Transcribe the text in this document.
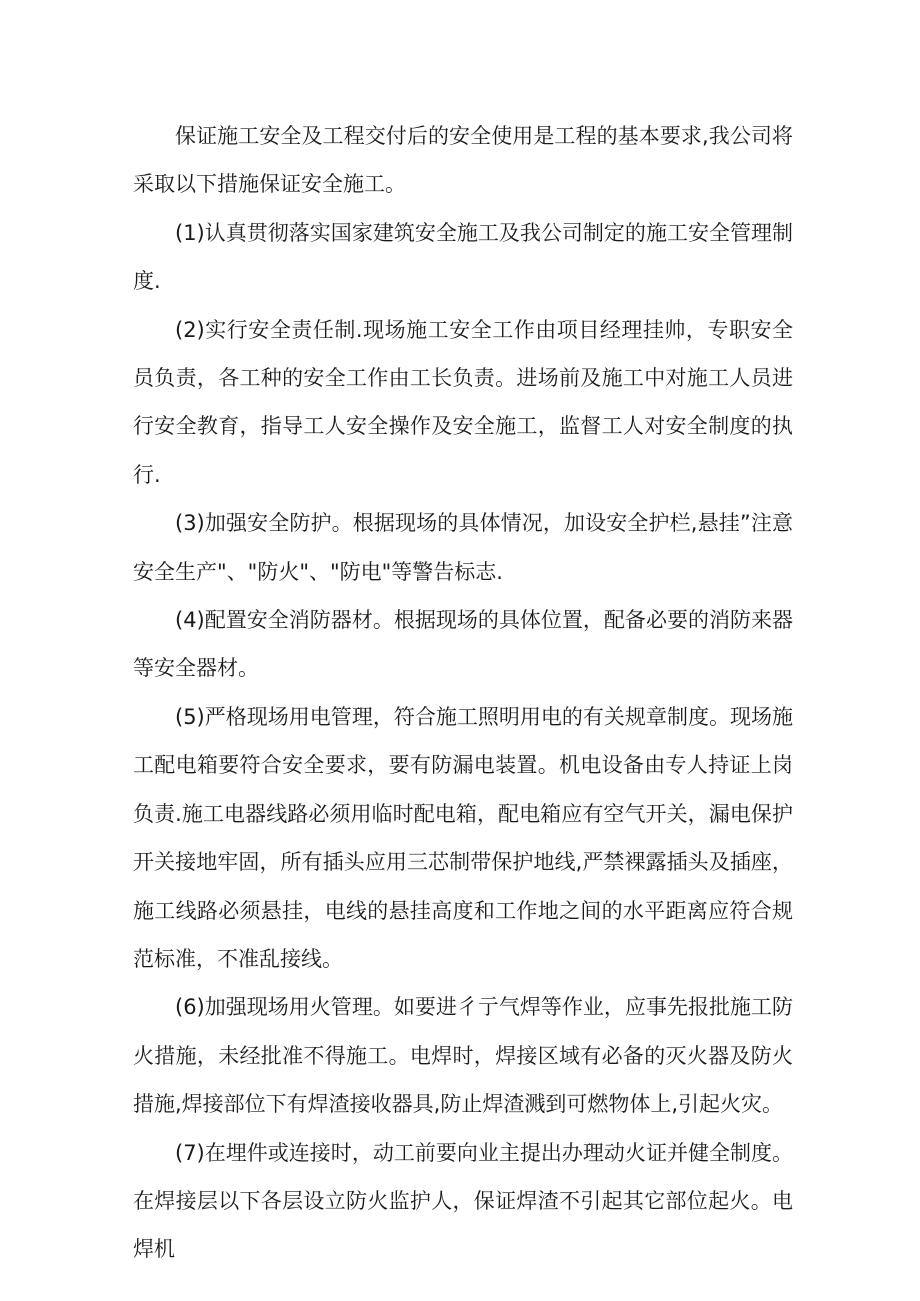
保证施工安全及工程交付后的安全使用是工程的基本要求,我公司将采取以下措施保证安全施工。

(1)认真贯彻落实国家建筑安全施工及我公司制定的施工安全管理制度.

(2)实行安全责任制.现场施工安全工作由项目经理挂帅，专职安全员负责，各工种的安全工作由工长负责。进场前及施工中对施工人员进行安全教育，指导工人安全操作及安全施工，监督工人对安全制度的执行.

(3)加强安全防护。根据现场的具体情况，加设安全护栏,悬挂”注意安全生产"、"防火"、"防电"等警告标志.

(4)配置安全消防器材。根据现场的具体位置，配备必要的消防来器等安全器材。

(5)严格现场用电管理，符合施工照明用电的有关规章制度。现场施工配电箱要符合安全要求，要有防漏电装置。机电设备由专人持证上岗负责.施工电器线路必须用临时配电箱，配电箱应有空气开关，漏电保护开关接地牢固，所有插头应用三芯制带保护地线,严禁裸露插头及插座，施工线路必须悬挂，电线的悬挂高度和工作地之间的水平距离应符合规范标准，不准乱接线。

(6)加强现场用火管理。如要进彳亍气焊等作业，应事先报批施工防火措施，未经批准不得施工。电焊时，焊接区域有必备的灭火器及防火措施,焊接部位下有焊渣接收器具,防止焊渣溅到可燃物体上,引起火灾。

(7)在埋件或连接时，动工前要向业主提出办理动火证并健全制度。在焊接层以下各层设立防火监护人，保证焊渣不引起其它部位起火。电焊机
